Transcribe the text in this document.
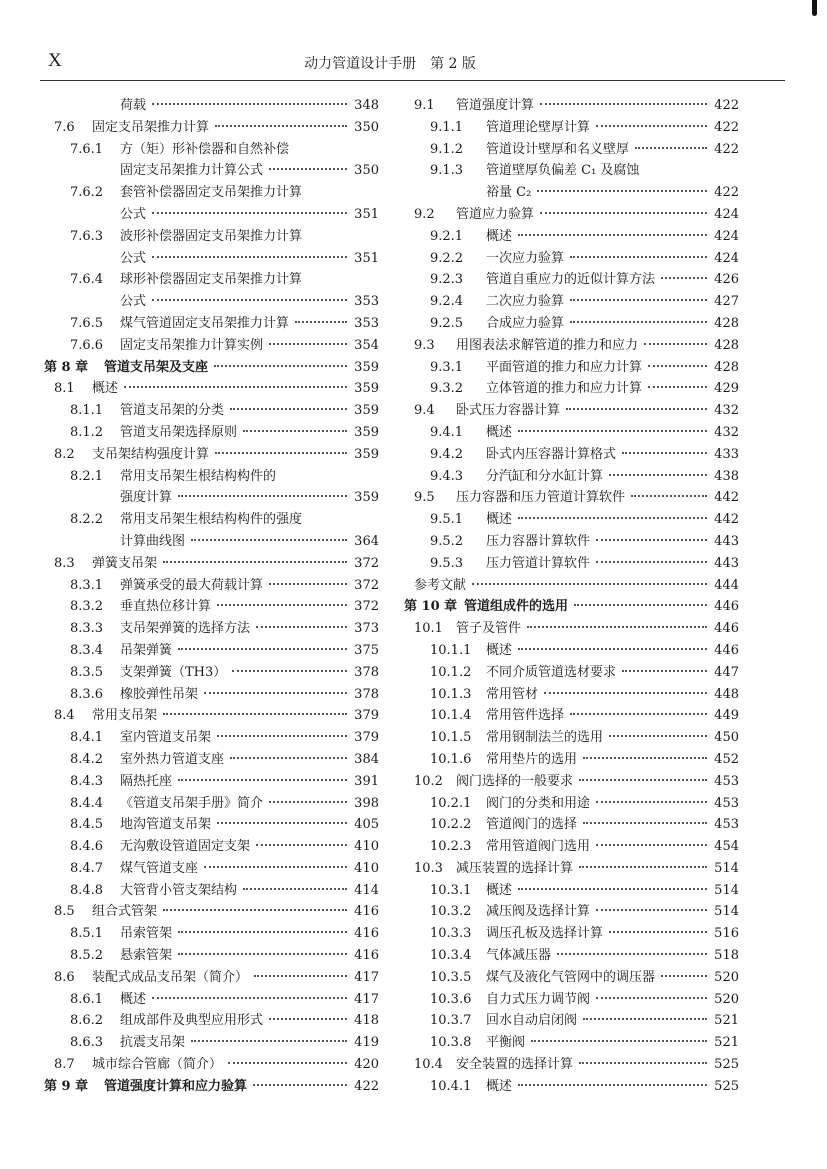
X	动力管道设计手册　第 2 版
荷载	348
7.6	固定支吊架推力计算	350
7.6.1	方（矩）形补偿器和自然补偿
固定支吊架推力计算公式	350
7.6.2	套管补偿器固定支吊架推力计算
公式	351
7.6.3	波形补偿器固定支吊架推力计算
公式	351
7.6.4	球形补偿器固定支吊架推力计算
公式	353
7.6.5	煤气管道固定支吊架推力计算	353
7.6.6	固定支吊架推力计算实例	354
第 8 章	管道支吊架及支座	359
8.1	概述	359
8.1.1	管道支吊架的分类	359
8.1.2	管道支吊架选择原则	359
8.2	支吊架结构强度计算	359
8.2.1	常用支吊架生根结构构件的
强度计算	359
8.2.2	常用支吊架生根结构构件的强度
计算曲线图	364
8.3	弹簧支吊架	372
8.3.1	弹簧承受的最大荷载计算	372
8.3.2	垂直热位移计算	372
8.3.3	支吊架弹簧的选择方法	373
8.3.4	吊架弹簧	375
8.3.5	支架弹簧（TH3）	378
8.3.6	橡胶弹性吊架	378
8.4	常用支吊架	379
8.4.1	室内管道支吊架	379
8.4.2	室外热力管道支座	384
8.4.3	隔热托座	391
8.4.4	《管道支吊架手册》简介	398
8.4.5	地沟管道支吊架	405
8.4.6	无沟敷设管道固定支架	410
8.4.7	煤气管道支座	410
8.4.8	大管背小管支架结构	414
8.5	组合式管架	416
8.5.1	吊索管架	416
8.5.2	悬索管架	416
8.6	装配式成品支吊架（简介）	417
8.6.1	概述	417
8.6.2	组成部件及典型应用形式	418
8.6.3	抗震支吊架	419
8.7	城市综合管廊（简介）	420
第 9 章	管道强度计算和应力验算	422
9.1	管道强度计算	422
9.1.1	管道理论壁厚计算	422
9.1.2	管道设计壁厚和名义壁厚	422
9.1.3	管道壁厚负偏差 C₁ 及腐蚀
裕量 C₂	422
9.2	管道应力验算	424
9.2.1	概述	424
9.2.2	一次应力验算	424
9.2.3	管道自重应力的近似计算方法	426
9.2.4	二次应力验算	427
9.2.5	合成应力验算	428
9.3	用图表法求解管道的推力和应力	428
9.3.1	平面管道的推力和应力计算	428
9.3.2	立体管道的推力和应力计算	429
9.4	卧式压力容器计算	432
9.4.1	概述	432
9.4.2	卧式内压容器计算格式	433
9.4.3	分汽缸和分水缸计算	438
9.5	压力容器和压力管道计算软件	442
9.5.1	概述	442
9.5.2	压力容器计算软件	443
9.5.3	压力管道计算软件	443
参考文献	444
第 10 章 管道组成件的选用	446
10.1	管子及管件	446
10.1.1	概述	446
10.1.2	不同介质管道选材要求	447
10.1.3	常用管材	448
10.1.4	常用管件选择	449
10.1.5	常用钢制法兰的选用	450
10.1.6	常用垫片的选用	452
10.2	阀门选择的一般要求	453
10.2.1	阀门的分类和用途	453
10.2.2	管道阀门的选择	453
10.2.3	常用管道阀门选用	454
10.3	减压装置的选择计算	514
10.3.1	概述	514
10.3.2	减压阀及选择计算	514
10.3.3	调压孔板及选择计算	516
10.3.4	气体减压器	518
10.3.5	煤气及液化气管网中的调压器	520
10.3.6	自力式压力调节阀	520
10.3.7	回水自动启闭阀	521
10.3.8	平衡阀	521
10.4	安全装置的选择计算	525
10.4.1	概述	525
